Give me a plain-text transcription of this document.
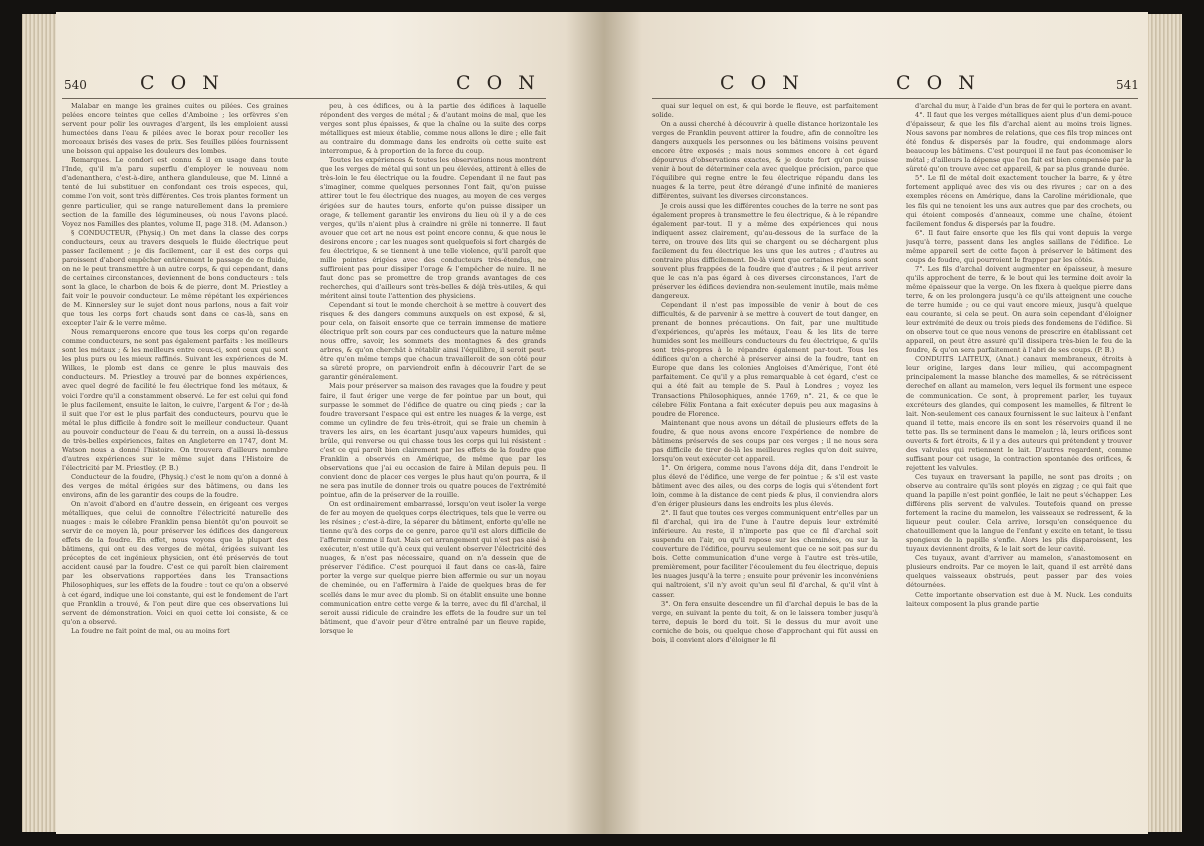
540	C O N	C O N

Malabar en mange les graines cuites ou pilées. Ces graines pelées encore teintes que celles d'Amboine ; les orfèvres s'en servent pour polir les ouvrages d'argent, ils les emploient aussi humectées dans l'eau & pilées avec le borax pour recoller les morceaux brisés des vases de prix. Ses feuilles pilées fournissent une boisson qui appaise les douleurs des lombes.

Remarques. Le condori est connu & il en usage dans toute l'Inde, qu'il m'a paru superflu d'employer le nouveau nom d'adenanthera, c'est-à-dire, anthera glanduleuse, que M. Linné a tenté de lui substituer en confondant ces trois especes, qui, comme l'on voit, sont très différentes. Ces trois plantes forment un genre particulier, qui se range naturellement dans la premiere section de la famille des légumineuses, où nous l'avons placé. Voyez nos Familles des plantes, volume II, page 318. (M. Adanson.)

§ CONDUCTEUR, (Physiq.) On met dans la classe des corps conducteurs, ceux au travers desquels le fluide électrique peut passer facilement ; je dis facilement, car il est des corps qui paroissent d'abord empêcher entièrement le passage de ce fluide, on ne le peut transmettre à un autre corps, & qui cependant, dans de certaines circonstances, deviennent de bons conducteurs : tels sont la glace, le charbon de bois & de pierre, dont M. Priestley a fait voir le pouvoir conducteur. Le même répétant les expériences de M. Kinnersley sur le sujet dont nous parlons, nous a fait voir que tous les corps fort chauds sont dans ce cas-là, sans en excepter l'air & le verre même.

Nous remarquerons encore que tous les corps qu'on regarde comme conducteurs, ne sont pas également parfaits : les meilleurs sont les métaux ; & les meilleurs entre ceux-ci, sont ceux qui sont les plus purs ou les mieux raffinés. Suivant les expériences de M. Wilkes, le plomb est dans ce genre le plus mauvais des conducteurs. M. Priestley a trouvé par de bonnes expériences, avec quel degré de facilité le feu électrique fond les métaux, & voici l'ordre qu'il a constamment observé. Le fer est celui qui fond le plus facilement, ensuite le laiton, le cuivre, l'argent & l'or ; de-là il suit que l'or est le plus parfait des conducteurs, pourvu que le métal le plus difficile à fondre soit le meilleur conducteur. Quant au pouvoir conducteur de l'eau & du terrein, on a aussi là-dessus de très-belles expériences, faites en Angleterre en 1747, dont M. Watson nous a donné l'histoire. On trouvera d'ailleurs nombre d'autres expériences sur le même sujet dans l'Histoire de l'électricité par M. Priestley. (P. B.)

Conducteur de la foudre, (Physiq.) c'est le nom qu'on a donné à des verges de métal érigées sur des bâtimens, ou dans les environs, afin de les garantir des coups de la foudre.

On n'avoit d'abord en d'autre dessein, en érigeant ces verges métalliques, que celui de connoître l'électricité naturelle des nuages : mais le célebre Franklin pensa bientôt qu'on pouvoit se servir de ce moyen là, pour préserver les édifices des dangereux effets de la foudre. En effet, nous voyons que la plupart des bâtimens, qui ont eu des verges de métal, érigées suivant les préceptes de cet ingénieux physicien, ont été préservés de tout accident causé par la foudre. C'est ce qui paroît bien clairement par les observations rapportées dans les Transactions Philosophiques, sur les effets de la foudre : tout ce qu'on a observé à cet égard, indique une loi constante, qui est le fondement de l'art que Franklin a trouvé, & l'on peut dire que ces observations lui servent de démonstration. Voici en quoi cette loi consiste, & ce qu'on a observé.

La foudre ne fait point de mal, ou au moins fort

peu, à ces édifices, ou à la partie des édifices à laquelle répondent des verges de métal ; & d'autant moins de mal, que les verges sont plus épaisses, & que la chaîne ou la suite des corps métalliques est mieux établie, comme nous allons le dire ; elle fait au contraire du dommage dans les endroits où cette suite est interrompue, & à proportion de la force du coup.

Toutes les expériences & toutes les observations nous montrent que les verges de métal qui sont un peu élevées, attirent à elles de très-loin le feu électrique ou la foudre. Cependant il ne faut pas s'imaginer, comme quelques personnes l'ont fait, qu'on puisse attirer tout le feu électrique des nuages, au moyen de ces verges érigées sur de hautes tours, enforte qu'on puisse dissiper un orage, & tellement garantir les environs du lieu où il y a de ces verges, qu'ils n'aient plus à craindre ni grêle ni tonnerre. Il faut avouer que cet art ne nous est point encore connu, & que nous le desirons encore ; car les nuages sont quelquefois si fort chargés de feu électrique, & se tiennent à une telle violence, qu'il paroît que mille pointes érigées avec des conducteurs très-étendus, ne suffiroient pas pour dissiper l'orage & l'empêcher de nuire. Il ne faut donc pas se promettre de trop grands avantages de ces recherches, qui d'ailleurs sont très-belles & déjà très-utiles, & qui méritent ainsi toute l'attention des physiciens.

Cependant si tout le monde cherchoit à se mettre à couvert des risques & des dangers communs auxquels on est exposé, & si, pour cela, on faisoit ensorte que ce terrain immense de matiere électrique prît son cours par ces conducteurs que la nature même nous offre, savoir, les sommets des montagnes & des grands arbres, & qu'on cherchât à rétablir ainsi l'équilibre, il seroit peut-être qu'en même temps que chacun travailleroit de son côté pour sa sûreté propre, on parviendroit enfin à découvrir l'art de se garantir généralement.

Mais pour préserver sa maison des ravages que la foudre y peut faire, il faut ériger une verge de fer pointue par un bout, qui surpasse le sommet de l'édifice de quatre ou cinq pieds ; car la foudre traversant l'espace qui est entre les nuages & la verge, est comme un cylindre de feu très-étroit, qui se fraie un chemin à travers les airs, en les écartant jusqu'aux vapeurs humides, qui brûle, qui renverse ou qui chasse tous les corps qui lui résistent : c'est ce qui paroît bien clairement par les effets de la foudre que Franklin a observés en Amérique, de même que par les observations que j'ai eu occasion de faire à Milan depuis peu. Il convient donc de placer ces verges le plus haut qu'on pourra, & il ne sera pas inutile de donner trois ou quatre pouces de l'extrémité pointue, afin de la préserver de la rouille.

On est ordinairement embarrassé, lorsqu'on veut isoler la verge de fer au moyen de quelques corps électriques, tels que le verre ou les résines ; c'est-à-dire, la séparer du bâtiment, enforte qu'elle ne tienne qu'à des corps de ce genre, parce qu'il est alors difficile de l'affermir comme il faut. Mais cet arrangement qui n'est pas aisé à exécuter, n'est utile qu'à ceux qui veulent observer l'électricité des nuages, & n'est pas nécessaire, quand on n'a dessein que de préserver l'édifice. C'est pourquoi il faut dans ce cas-là, faire porter la verge sur quelque pierre bien affermie ou sur un noyau de cheminée, ou en l'affermira à l'aide de quelques bras de fer scellés dans le mur avec du plomb. Si on établit ensuite une bonne communication entre cette verge & la terre, avec du fil d'archal, il seroit aussi ridicule de craindre les effets de la foudre sur un tel bâtiment, que d'avoir peur d'être entraîné par un fleuve rapide, lorsque le

C O N	C O N	541

quai sur lequel on est, & qui borde le fleuve, est parfaitement solide.

On a aussi cherché à découvrir à quelle distance horizontale les verges de Franklin peuvent attirer la foudre, afin de connoître les dangers auxquels les personnes ou les bâtimens voisins peuvent encore être exposés ; mais nous sommes encore à cet égard dépourvus d'observations exactes, & je doute fort qu'on puisse venir à bout de déterminer cela avec quelque précision, parce que l'équilibre qui regne entre le feu électrique répandu dans les nuages & la terre, peut être dérangé d'une infinité de manieres différentes, suivant les diverses circonstances.

Je crois aussi que les différentes couches de la terre ne sont pas également propres à transmettre le feu électrique, & à le répandre également par-tout. Il y a même des expériences qui nous indiquent assez clairement, qu'au-dessous de la surface de la terre, on trouve des lits qui se chargent ou se déchargent plus facilement du feu électrique les uns que les autres ; d'autres au contraire plus difficilement. De-là vient que certaines régions sont souvent plus frappées de la foudre que d'autres ; & il peut arriver que le cas n'a pas égard à ces diverses circonstances, l'art de préserver les édifices deviendra non-seulement inutile, mais même dangereux.

Cependant il n'est pas impossible de venir à bout de ces difficultés, & de parvenir à se mettre à couvert de tout danger, en prenant de bonnes précautions. On fait, par une multitude d'expériences, qu'après les métaux, l'eau & les lits de terre humides sont les meilleurs conducteurs du feu électrique, & qu'ils sont très-propres à le répandre également par-tout. Tous les édifices qu'on a cherché à préserver ainsi de la foudre, tant en Europe que dans les colonies Angloises d'Amérique, l'ont été parfaitement. Ce qu'il y a plus remarquable à cet égard, c'est ce qui a été fait au temple de S. Paul à Londres ; voyez les Transactions Philosophiques, année 1769, n°. 21, & ce que le célebre Félix Fontana a fait exécuter depuis peu aux magasins à poudre de Florence.

Maintenant que nous avons un détail de plusieurs effets de la foudre, & que nous avons encore l'expérience de nombre de bâtimens préservés de ses coups par ces verges ; il ne nous sera pas difficile de tirer de-là les meilleures regles qu'on doit suivre, lorsqu'on veut exécuter cet appareil.

1°. On érigera, comme nous l'avons déja dit, dans l'endroit le plus élevé de l'édifice, une verge de fer pointue ; & s'il est vaste bâtiment avec des ailes, ou des corps de logis qui s'étendent fort loin, comme à la distance de cent pieds & plus, il conviendra alors d'en ériger plusieurs dans les endroits les plus élevés.

2°. Il faut que toutes ces verges communiquent entr'elles par un fil d'archal, qui ira de l'une à l'autre depuis leur extrémité inférieure. Au reste, il n'importe pas que ce fil d'archal soit suspendu en l'air, ou qu'il repose sur les cheminées, ou sur la couverture de l'édifice, pourvu seulement que ce ne soit pas sur du bois. Cette communication d'une verge à l'autre est très-utile, premièrement, pour faciliter l'écoulement du feu électrique, depuis les nuages jusqu'à la terre ; ensuite pour prévenir les inconvéniens qui naîtroient, s'il n'y avoit qu'un seul fil d'archal, & qu'il vînt à casser.

3°. On fera ensuite descendre un fil d'archal depuis le bas de la verge, en suivant la pente du toit, & on le laissera tomber jusqu'à terre, depuis le bord du toit. Si le dessus du mur avoit une corniche de bois, ou quelque chose d'approchant qui fût aussi en bois, il convient alors d'éloigner le fil

d'archal du mur, à l'aide d'un bras de fer qui le portera en avant.

4°. Il faut que les verges métalliques aient plus d'un demi-pouce d'épaisseur, & que les fils d'archal aient au moins trois lignes. Nous savons par nombres de relations, que ces fils trop minces ont été fondus & dispersés par la foudre, qui endommage alors beaucoup les bâtimens. C'est pourquoi il ne faut pas économiser le métal ; d'ailleurs la dépense que l'on fait est bien compensée par la sûreté qu'on trouve avec cet appareil, & par sa plus grande durée.

5°. Le fil de métal doit exactement toucher la barre, & y être fortement appliqué avec des vis ou des rivures ; car on a des exemples récens en Amérique, dans la Caroline méridionale, que les fils qui ne tenoient les uns aux autres que par des crochets, ou qui étoient composés d'anneaux, comme une chaîne, étoient facilement fondus & dispersés par la foudre.

6°. Il faut faire ensorte que les fils qui vont depuis la verge jusqu'à terre, passent dans les angles saillans de l'édifice. Le même appareil sert de cette façon à préserver le bâtiment des coups de foudre, qui pourroient le frapper par les côtés.

7°. Les fils d'archal doivent augmenter en épaisseur, à mesure qu'ils approchent de terre, & le bout qui les termine doit avoir la même épaisseur que la verge. On les fixera à quelque pierre dans terre, & on les prolongera jusqu'à ce qu'ils atteignent une couche de terre humide ; ou ce qui vaut encore mieux, jusqu'à quelque eau courante, si cela se peut. On aura soin cependant d'éloigner leur extrémité de deux ou trois pieds des fondemens de l'édifice. Si on observe tout ce que nous venons de prescrire en établissant cet appareil, on peut être assuré qu'il dissipera très-bien le feu de la foudre, & qu'on sera parfaitement à l'abri de ses coups. (P. B.)

CONDUITS LAITEUX, (Anat.) canaux membraneux, étroits à leur origine, larges dans leur milieu, qui accompagnent principalement la masse blanche des mamelles, & se rétrécissent derechef en allant au mamelon, vers lequel ils forment une espece de communication. Ce sont, à proprement parler, les tuyaux excréteurs des glandes, qui composent les mamelles, & filtrent le lait. Non-seulement ces canaux fournissent le suc laiteux à l'enfant quand il tette, mais encore ils en sont les réservoirs quand il ne tette pas. Ils se terminent dans le mamelon ; là, leurs orifices sont ouverts & fort étroits, & il y a des auteurs qui prétendent y trouver des valvules qui retiennent le lait. D'autres regardent, comme suffisant pour cet usage, la contraction spontanée des orifices, & rejettent les valvules.

Ces tuyaux en traversant la papille, ne sont pas droits ; on observe au contraire qu'ils sont ployés en zigzag ; ce qui fait que quand la papille n'est point gonflée, le lait ne peut s'échapper. Les différens plis servent de valvules. Toutefois quand on presse fortement la racine du mamelon, les vaisseaux se redressent, & la liqueur peut couler. Cela arrive, lorsqu'en conséquence du chatouillement que la langue de l'enfant y excite en tetant, le tissu spongieux de la papille s'enfle. Alors les plis disparoissent, les tuyaux deviennent droits, & le lait sort de leur cavité.

Ces tuyaux, avant d'arriver au mamelon, s'anastomosent en plusieurs endroits. Par ce moyen le lait, quand il est arrêté dans quelques vaisseaux obstrués, peut passer par des voies détournées.

Cette importante observation est due à M. Nuck. Les conduits laiteux composent la plus grande partie
